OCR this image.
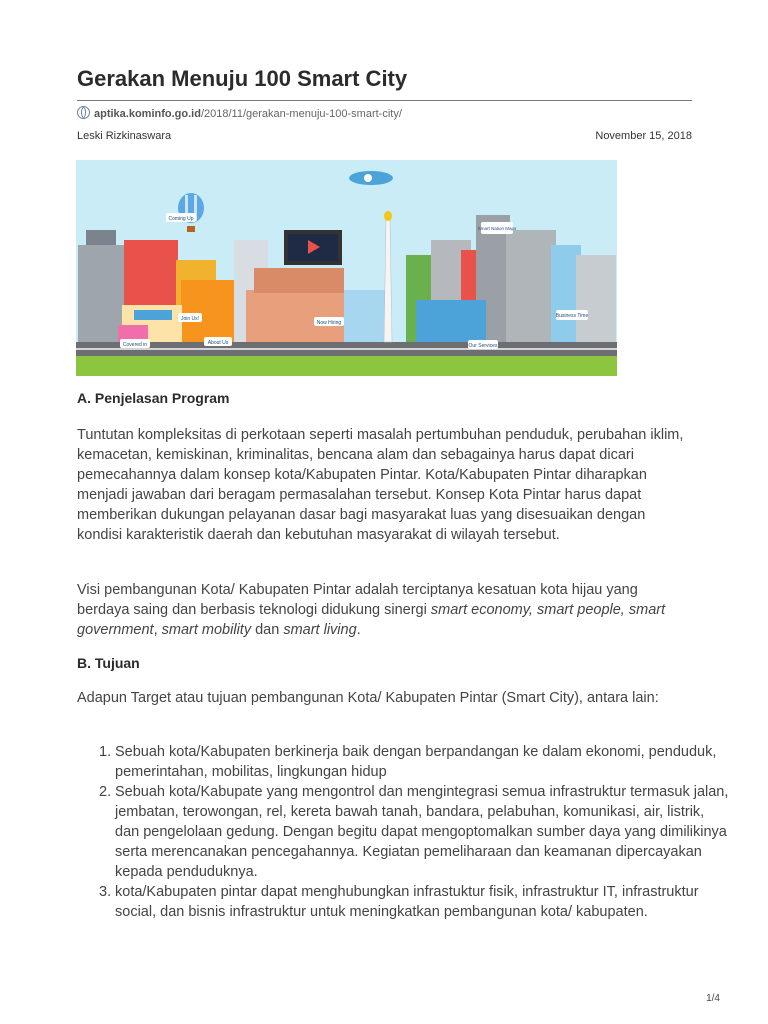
Gerakan Menuju 100 Smart City
aptika.kominfo.go.id/2018/11/gerakan-menuju-100-smart-city/
Leski Rizkinaswara	November 15, 2018
A. Penjelasan Program

Tuntutan kompleksitas di perkotaan seperti masalah pertumbuhan penduduk, perubahan iklim, kemacetan, kemiskinan, kriminalitas, bencana alam dan sebagainya harus dapat dicari pemecahannya dalam konsep kota/Kabupaten Pintar. Kota/Kabupaten Pintar diharapkan menjadi jawaban dari beragam permasalahan tersebut. Konsep Kota Pintar harus dapat memberikan dukungan pelayanan dasar bagi masyarakat luas yang disesuaikan dengan kondisi karakteristik daerah dan kebutuhan masyarakat di wilayah tersebut.

Visi pembangunan Kota/ Kabupaten Pintar adalah terciptanya kesatuan kota hijau yang berdaya saing dan berbasis teknologi didukung sinergi smart economy, smart people, smart government, smart mobility dan smart living.

B. Tujuan

Adapun Target atau tujuan pembangunan Kota/ Kabupaten Pintar (Smart City), antara lain:

1. Sebuah kota/Kabupaten berkinerja baik dengan berpandangan ke dalam ekonomi, penduduk, pemerintahan, mobilitas, lingkungan hidup
2. Sebuah kota/Kabupate yang mengontrol dan mengintegrasi semua infrastruktur termasuk jalan, jembatan, terowongan, rel, kereta bawah tanah, bandara, pelabuhan, komunikasi, air, listrik, dan pengelolaan gedung. Dengan begitu dapat mengoptomalkan sumber daya yang dimilikinya serta merencanakan pencegahannya. Kegiatan pemeliharaan dan keamanan dipercayakan kepada penduduknya.
3. kota/Kabupaten pintar dapat menghubungkan infrastuktur fisik, infrastruktur IT, infrastruktur social, dan bisnis infrastruktur untuk meningkatkan pembangunan kota/ kabupaten.
Coming Up
Join Us!
About Us
Covered in
Now Hiring
Smart Nation Maps
Business Time
Our Services
1/4
